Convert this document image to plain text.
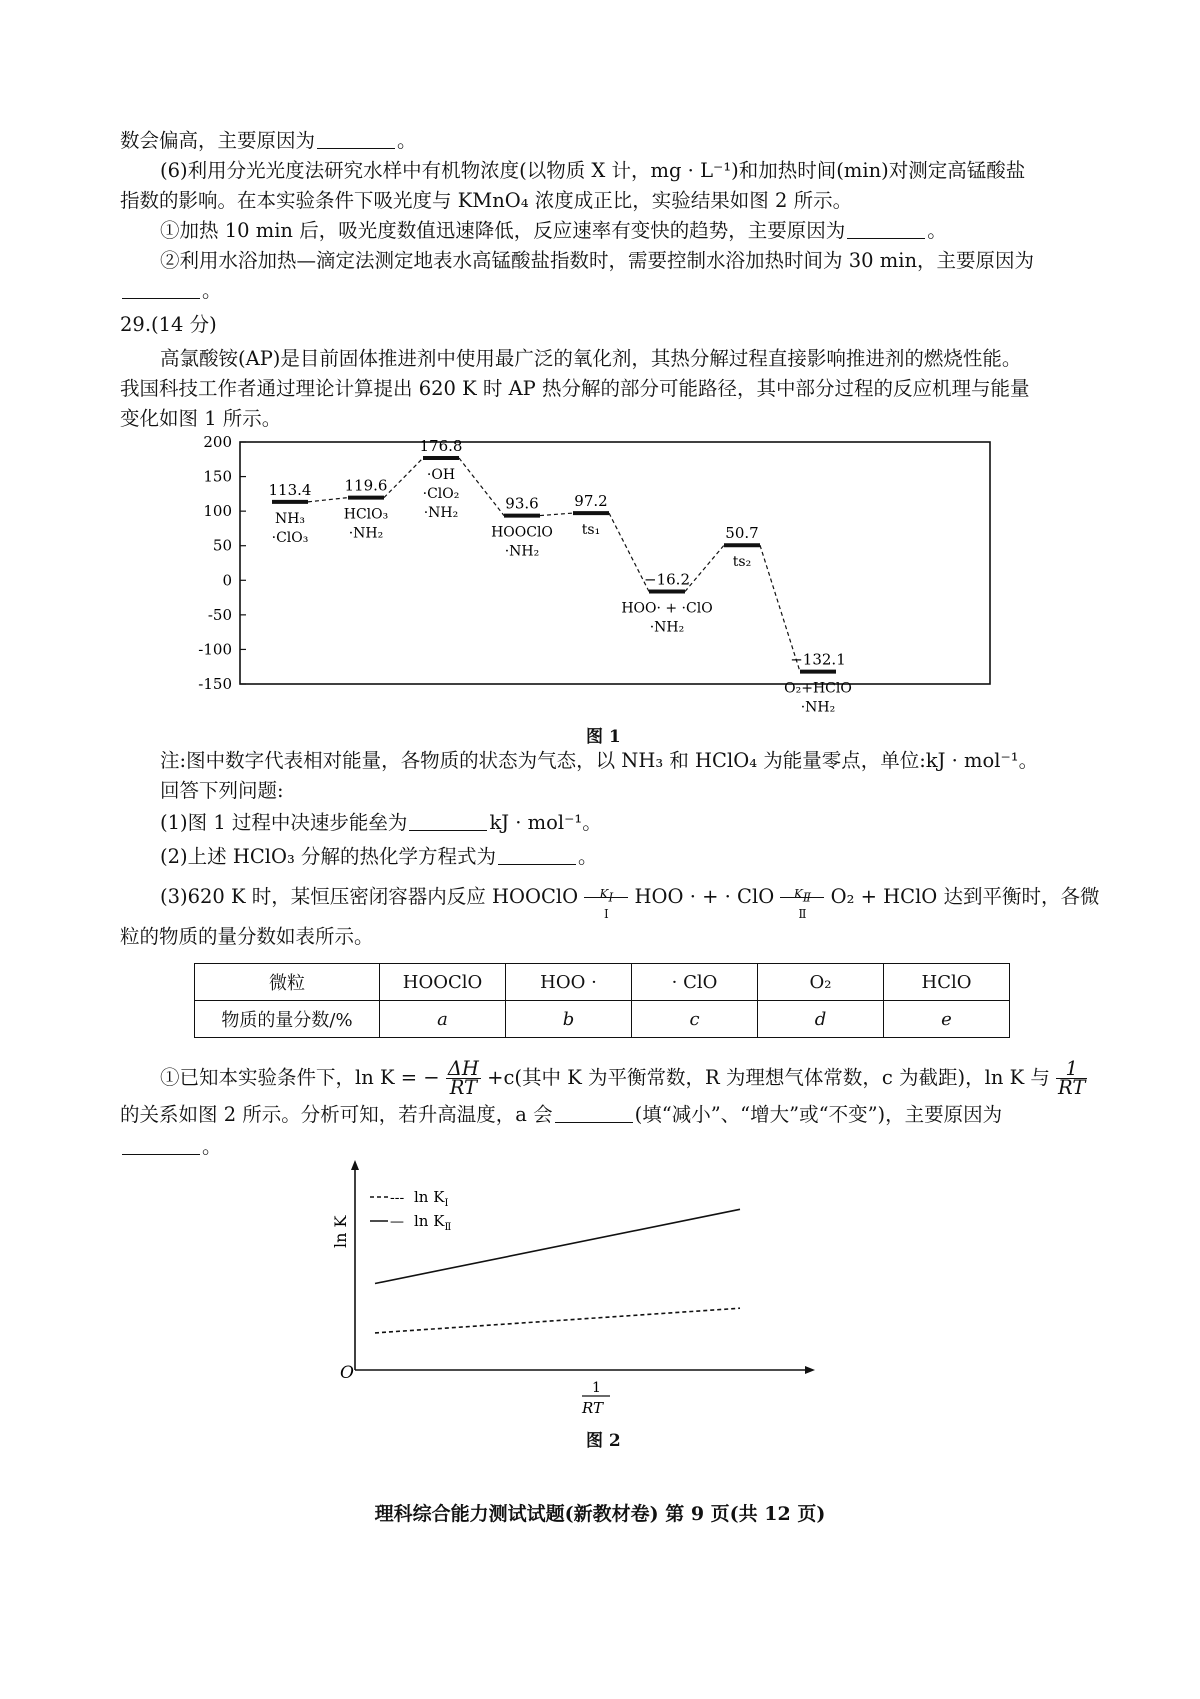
数会偏高，主要原因为	。
(6)利用分光光度法研究水样中有机物浓度(以物质 X 计，mg · L⁻¹)和加热时间(min)对测定高锰酸盐
指数的影响。在本实验条件下吸光度与 KMnO₄ 浓度成正比，实验结果如图 2 所示。
①加热 10 min 后，吸光度数值迅速降低，反应速率有变快的趋势，主要原因为	。
②利用水浴加热—滴定法测定地表水高锰酸盐指数时，需要控制水浴加热时间为 30 min，主要原因为
。
29.(14 分)
高氯酸铵(AP)是目前固体推进剂中使用最广泛的氧化剂，其热分解过程直接影响推进剂的燃烧性能。
我国科技工作者通过理论计算提出 620 K 时 AP 热分解的部分可能路径，其中部分过程的反应机理与能量
变化如图 1 所示。
200
150
100
50
0
-50
-100
-150
113.4
NH₃
·ClO₃
119.6
HClO₃
·NH₂
176.8
·OH
·ClO₂
·NH₂
93.6
HOOClO
·NH₂
97.2
ts₁
−16.2
HOO· + ·ClO
·NH₂
50.7
ts₂
−132.1
O₂+HClO
·NH₂
图 1
注:图中数字代表相对能量，各物质的状态为气态，以 NH₃ 和 HClO₄ 为能量零点，单位:kJ · mol⁻¹。
回答下列问题:
(1)图 1 过程中决速步能垒为	kJ · mol⁻¹。
(2)上述 HClO₃ 分解的热化学方程式为	。
(3)620 K 时，某恒压密闭容器内反应 HOOClO	$K_Ⅰ$
Ⅰ
HOO · + · ClO	$K_Ⅱ$
Ⅱ
O₂ + HClO 达到平衡时，各微
粒的物质的量分数如表所示。
微粒	HOOClO	HOO ·	· ClO	O₂	HClO
物质的量分数/%	a	b	c	d	e
①已知本实验条件下，ln K = − $\frac{\Delta H}{RT} +c$(其中 K 为平衡常数，R 为理想气体常数，c 为截距)，ln K 与 $\frac{1}{RT}$
的关系如图 2 所示。分析可知，若升高温度，a 会	(填“减小”、“增大”或“不变”)，主要原因为
。
O
ln K
1
RT
--- $\ln K_Ⅰ$
— $\ln K_Ⅱ$
图 2
理科综合能力测试试题(新教材卷) 第 9 页(共 12 页)
